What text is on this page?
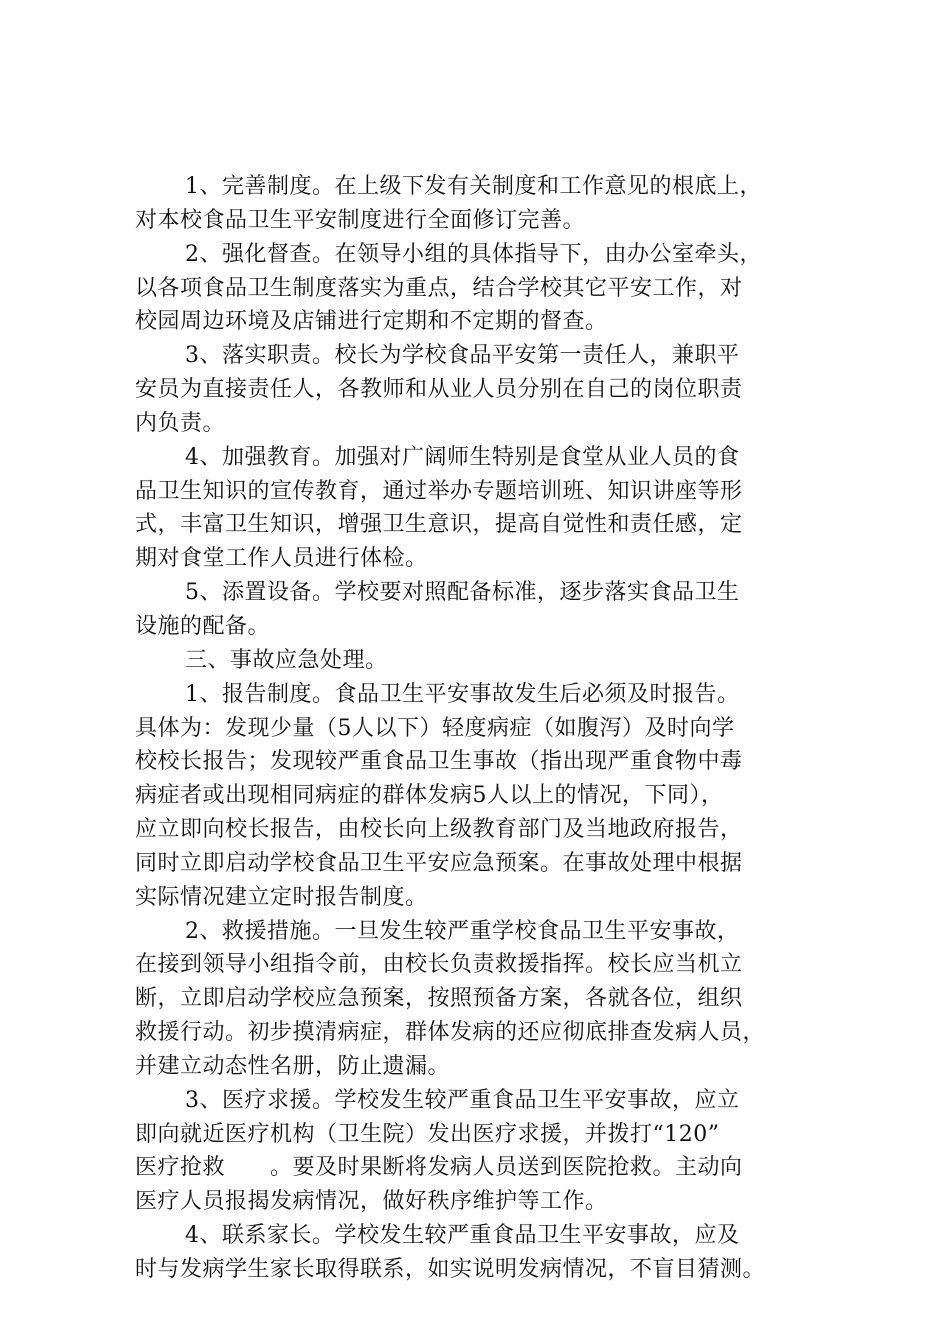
1、完善制度。在上级下发有关制度和工作意见的根底上，
对本校食品卫生平安制度进行全面修订完善。
2、强化督查。在领导小组的具体指导下，由办公室牵头，
以各项食品卫生制度落实为重点，结合学校其它平安工作，对
校园周边环境及店铺进行定期和不定期的督查。
3、落实职责。校长为学校食品平安第一责任人，兼职平
安员为直接责任人，各教师和从业人员分别在自己的岗位职责
内负责。
4、加强教育。加强对广阔师生特别是食堂从业人员的食
品卫生知识的宣传教育，通过举办专题培训班、知识讲座等形
式，丰富卫生知识，增强卫生意识，提高自觉性和责任感，定
期对食堂工作人员进行体检。
5、添置设备。学校要对照配备标准，逐步落实食品卫生
设施的配备。
三、事故应急处理。
1、报告制度。食品卫生平安事故发生后必须及时报告。
具体为：发现少量（5人以下）轻度病症（如腹泻）及时向学
校校长报告；发现较严重食品卫生事故（指出现严重食物中毒
病症者或出现相同病症的群体发病5人以上的情况，下同），
应立即向校长报告，由校长向上级教育部门及当地政府报告，
同时立即启动学校食品卫生平安应急预案。在事故处理中根据
实际情况建立定时报告制度。
2、救援措施。一旦发生较严重学校食品卫生平安事故，
在接到领导小组指令前，由校长负责救援指挥。校长应当机立
断，立即启动学校应急预案，按照预备方案，各就各位，组织
救援行动。初步摸清病症，群体发病的还应彻底排查发病人员，
并建立动态性名册，防止遗漏。
3、医疗求援。学校发生较严重食品卫生平安事故，应立
即向就近医疗机构（卫生院）发出医疗求援，并拨打“120”
医疗抢救　　。要及时果断将发病人员送到医院抢救。主动向
医疗人员报揭发病情况，做好秩序维护等工作。
4、联系家长。学校发生较严重食品卫生平安事故，应及
时与发病学生家长取得联系，如实说明发病情况，不盲目猜测。
